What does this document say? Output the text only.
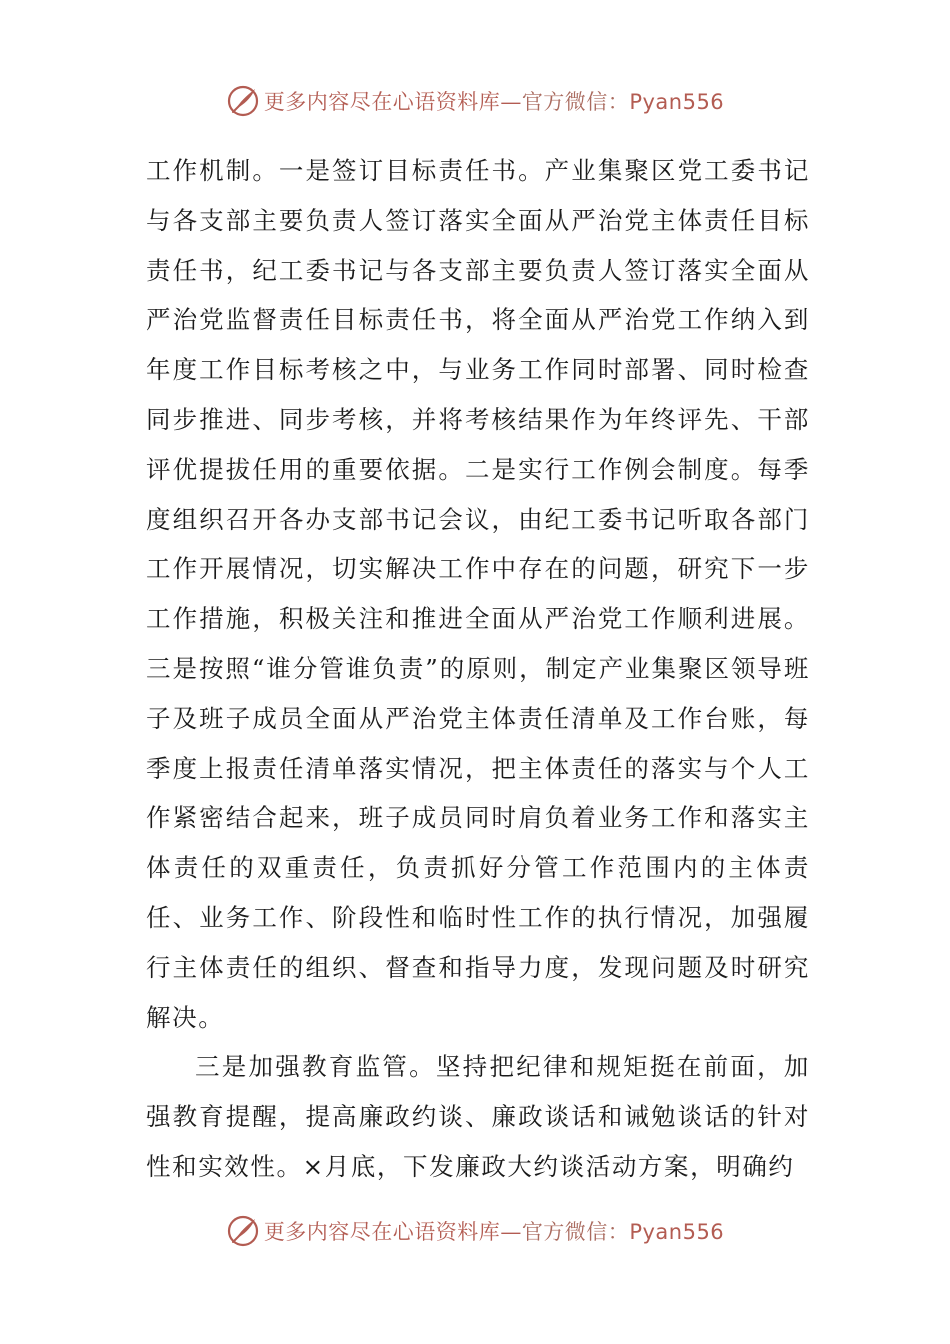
更多内容尽在心语资料库—官方微信：Pyan556

工作机制。一是签订目标责任书。产业集聚区党工委书记与各支部主要负责人签订落实全面从严治党主体责任目标责任书，纪工委书记与各支部主要负责人签订落实全面从严治党监督责任目标责任书，将全面从严治党工作纳入到年度工作目标考核之中，与业务工作同时部署、同时检查同步推进、同步考核，并将考核结果作为年终评先、干部评优提拔任用的重要依据。二是实行工作例会制度。每季度组织召开各办支部书记会议，由纪工委书记听取各部门工作开展情况，切实解决工作中存在的问题，研究下一步工作措施，积极关注和推进全面从严治党工作顺利进展。三是按照“谁分管谁负责”的原则，制定产业集聚区领导班子及班子成员全面从严治党主体责任清单及工作台账，每季度上报责任清单落实情况，把主体责任的落实与个人工作紧密结合起来，班子成员同时肩负着业务工作和落实主体责任的双重责任，负责抓好分管工作范围内的主体责任、业务工作、阶段性和临时性工作的执行情况，加强履行主体责任的组织、督查和指导力度，发现问题及时研究解决。

三是加强教育监管。坚持把纪律和规矩挺在前面，加强教育提醒，提高廉政约谈、廉政谈话和诫勉谈话的针对性和实效性。×月底，下发廉政大约谈活动方案，明确约

更多内容尽在心语资料库—官方微信：Pyan556
